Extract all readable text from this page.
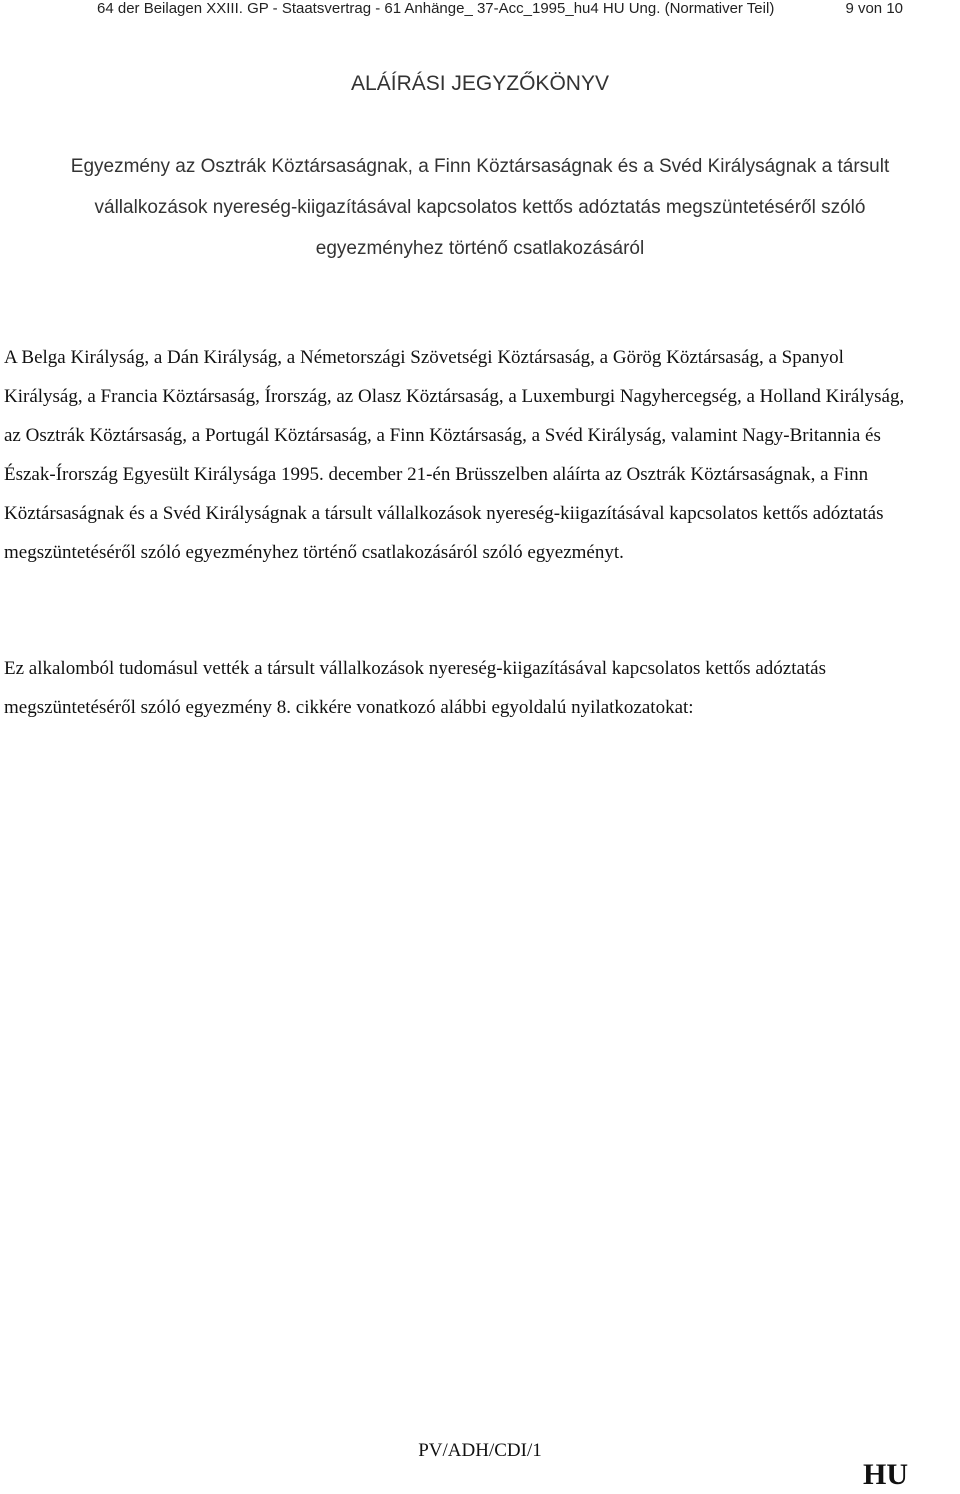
64 der Beilagen XXIII. GP - Staatsvertrag - 61 Anhänge_ 37-Acc_1995_hu4 HU Ung. (Normativer Teil)	9 von 10
ALÁÍRÁSI JEGYZŐKÖNYV
Egyezmény az Osztrák Köztársaságnak, a Finn Köztársaságnak és a Svéd Királyságnak a társult vállalkozások nyereség-kiigazításával kapcsolatos kettős adóztatás megszüntetéséről szóló egyezményhez történő csatlakozásáról
A Belga Királyság, a Dán Királyság, a Németországi Szövetségi Köztársaság, a Görög Köztársaság, a Spanyol Királyság, a Francia Köztársaság, Írország, az Olasz Köztársaság, a Luxemburgi Nagyhercegség, a Holland Királyság, az Osztrák Köztársaság, a Portugál Köztársaság, a Finn Köztársaság, a Svéd Királyság, valamint Nagy-Britannia és Észak-Írország Egyesült Királysága 1995. december 21-én Brüsszelben aláírta az Osztrák Köztársaságnak, a Finn Köztársaságnak és a Svéd Királyságnak a társult vállalkozások nyereség-kiigazításával kapcsolatos kettős adóztatás megszüntetéséről szóló egyezményhez történő csatlakozásáról szóló egyezményt.
Ez alkalomból tudomásul vették a társult vállalkozások nyereség-kiigazításával kapcsolatos kettős adóztatás megszüntetéséről szóló egyezmény 8. cikkére vonatkozó alábbi egyoldalú nyilatkozatokat:
PV/ADH/CDI/1
HU
